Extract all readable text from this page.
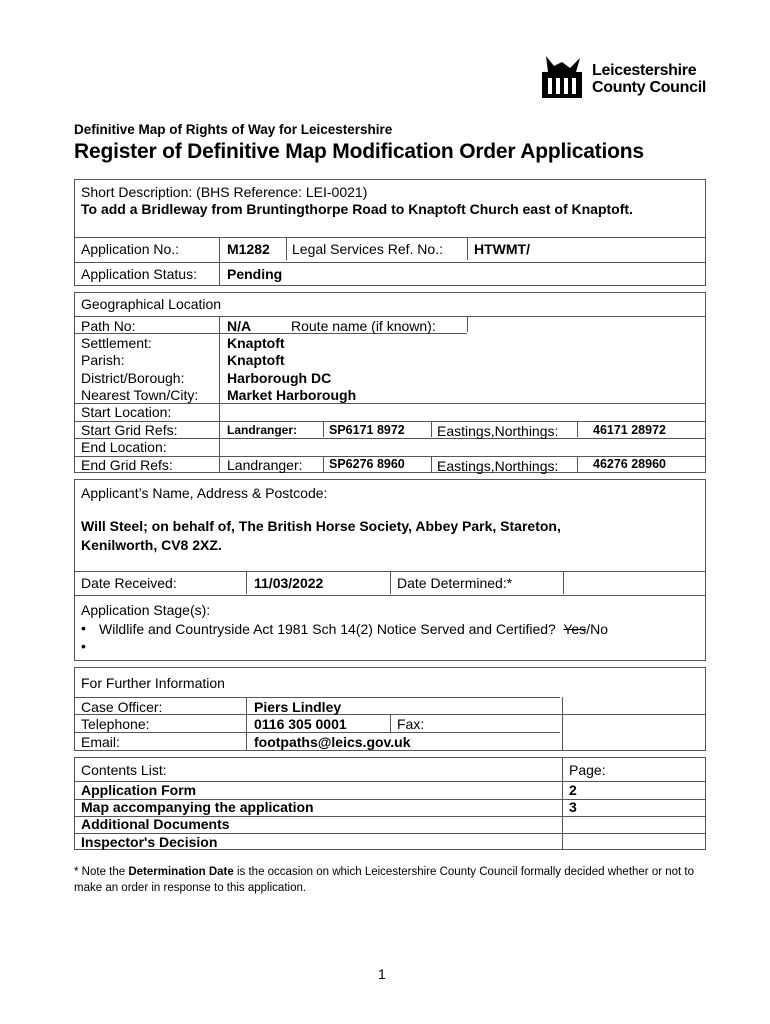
Leicestershire
County Council
Definitive Map of Rights of Way for Leicestershire
Register of Definitive Map Modification Order Applications
Short Description: (BHS Reference: LEI-0021)
To add a Bridleway from Bruntingthorpe Road to Knaptoft Church east of Knaptoft.
Application No.:	M1282 Legal Services Ref. No.: HTWMT/
Application Status: Pending
Geographical Location
Path No:	N/A	Route name (if known):
Settlement:	Knaptoft
Parish:	Knaptoft
District/Borough:	Harborough DC
Nearest Town/City: Market Harborough
Start Location:
Start Grid Refs:	Landranger:	SP6171 8972 Eastings,Northings:	46171 28972
End Location:
End Grid Refs:	Landranger: SP6276 8960 Eastings,Northings:	46276 28960
Applicant’s Name, Address & Postcode:
Will Steel; on behalf of, The British Horse Society, Abbey Park, Stareton,
Kenilworth, CV8 2XZ.
Date Received:	11/03/2022	Date Determined:*
Application Stage(s):
• Wildlife and Countryside Act 1981 Sch 14(2) Notice Served and Certified? Yes/No
•
For Further Information
Case Officer:	Piers Lindley
Telephone:	0116 305 0001	Fax:
Email:	footpaths@leics.gov.uk
Contents List:	Page:
Application Form	2
Map accompanying the application	3
Additional Documents
Inspector's Decision
* Note the Determination Date is the occasion on which Leicestershire County Council formally decided whether or not to make an order in response to this application.
1
